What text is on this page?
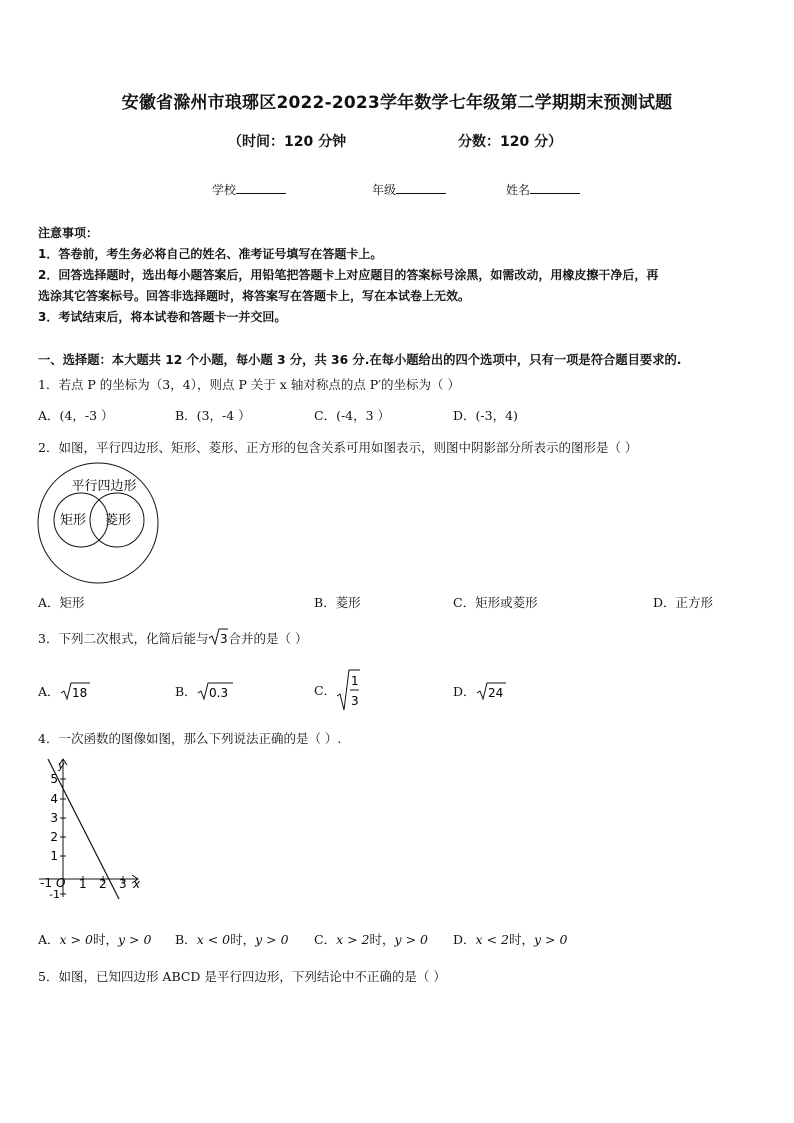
安徽省滁州市琅琊区2022-2023学年数学七年级第二学期期末预测试题
（时间：120 分钟	分数：120 分）
学校	年级	姓名
注意事项：
1．答卷前，考生务必将自己的姓名、准考证号填写在答题卡上。
2．回答选择题时，选出每小题答案后，用铅笔把答题卡上对应题目的答案标号涂黑，如需改动，用橡皮擦干净后，再
选涂其它答案标号。回答非选择题时，将答案写在答题卡上，写在本试卷上无效。
3．考试结束后，将本试卷和答题卡一并交回。
一、选择题：本大题共 12 个小题，每小题 3 分，共 36 分.在每小题给出的四个选项中，只有一项是符合题目要求的.
1．若点 P 的坐标为（3，4），则点 P 关于 x 轴对称点的点 P′的坐标为（ ）
A．(4，-3 ）	B．(3，-4 ）	C．(-4，3 ）	D．(-3，4)
2．如图，平行四边形、矩形、菱形、正方形的包含关系可用如图表示，则图中阴影部分所表示的图形是（ ）
平行四边形
矩形 菱形
A．矩形	B．菱形	C．矩形或菱形	D．正方形
3．下列二次根式，化简后能与 3 合并的是（ ）
A． 18	B． 0.3	C．
1
3
D． 24
4．一次函数的图像如图，那么下列说法正确的是（ ）.
5
4
3
2
1
-1
-1 1 2 3
O	x
y
A．x > 0时，y > 0 B．x < 0时，y > 0 C．x > 2时，y > 0 D．x < 2时，y > 0
5．如图，已知四边形 ABCD 是平行四边形，下列结论中不正确的是（ ）
